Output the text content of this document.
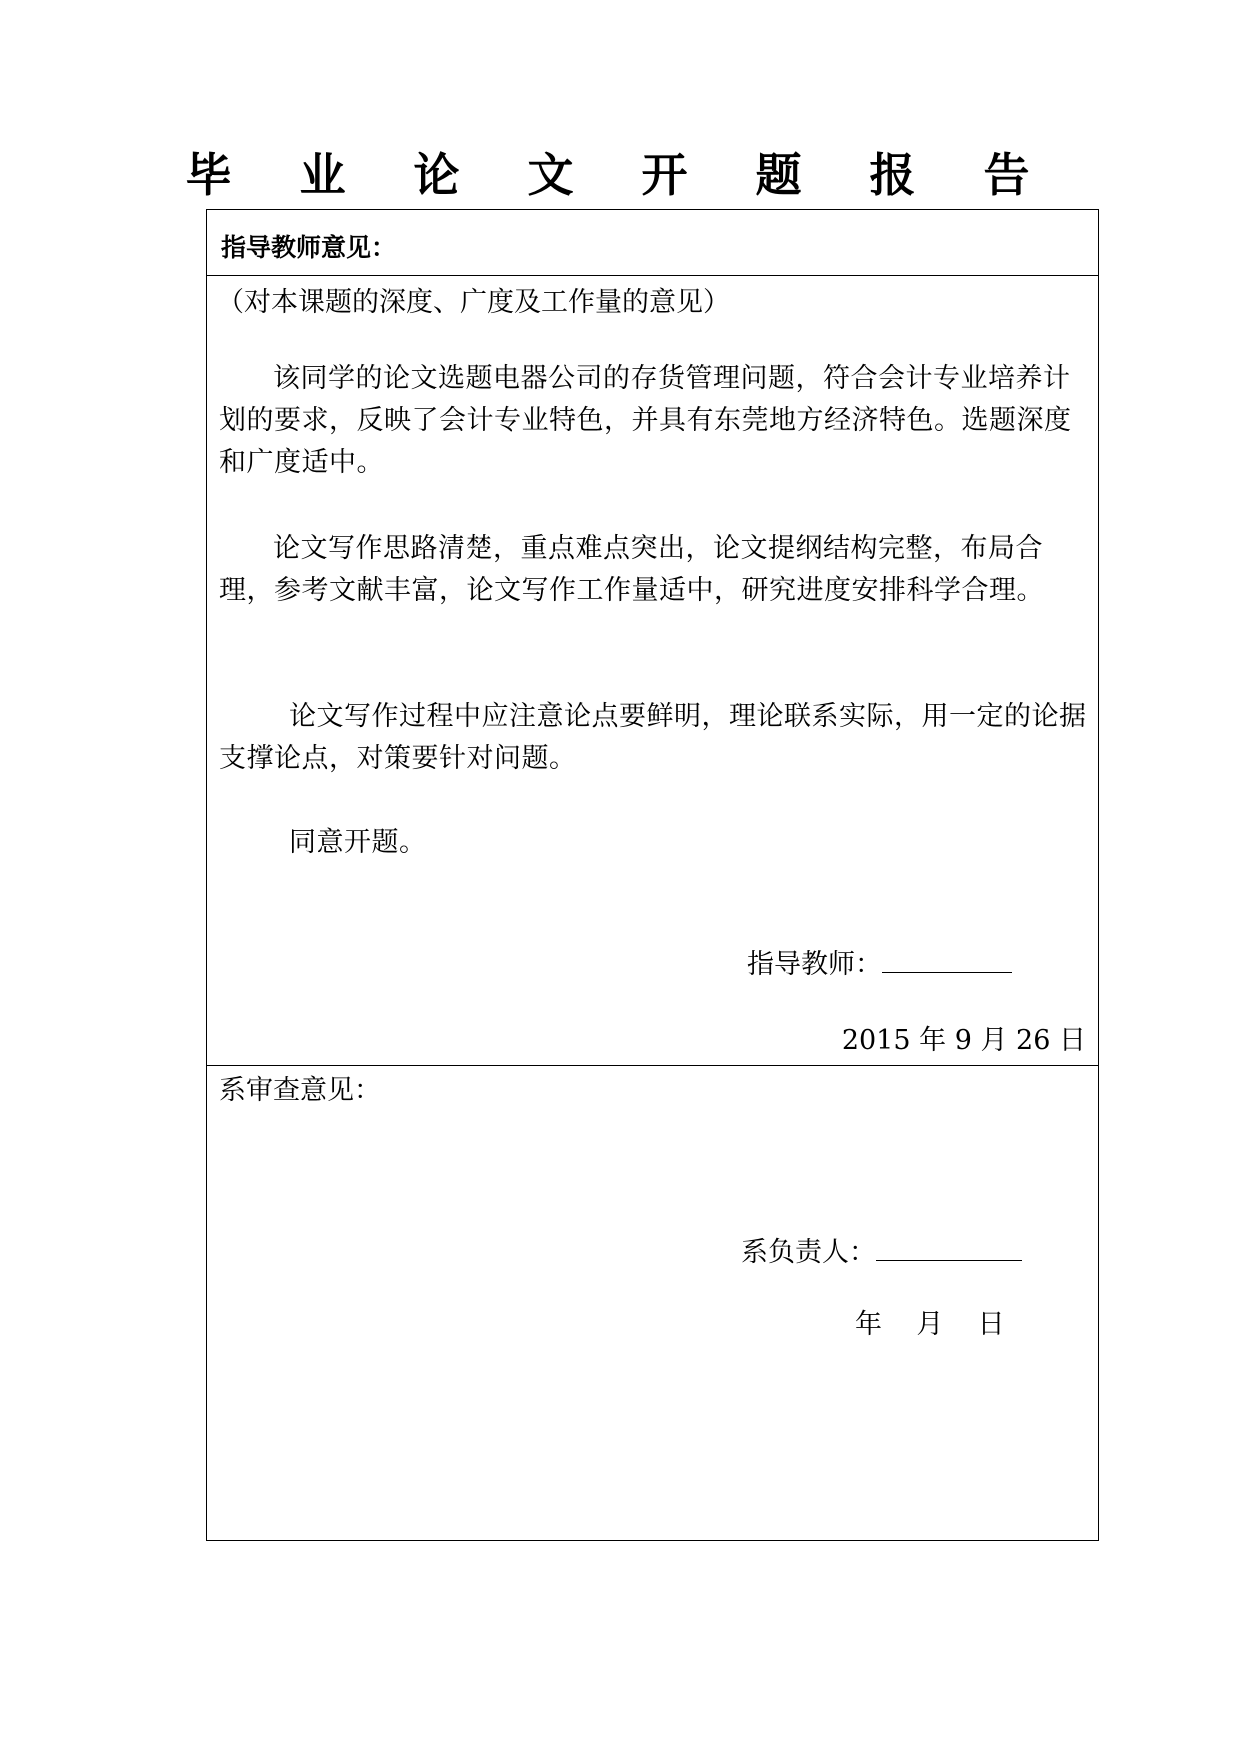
毕 业 论 文 开 题 报 告
指导教师意见：
（对本课题的深度、广度及工作量的意见）
该同学的论文选题电器公司的存货管理问题，符合会计专业培养计划的要求，反映了会计专业特色，并具有东莞地方经济特色。选题深度和广度适中。
论文写作思路清楚，重点难点突出，论文提纲结构完整，布局合理，参考文献丰富，论文写作工作量适中，研究进度安排科学合理。
论文写作过程中应注意论点要鲜明，理论联系实际，用一定的论据支撑论点，对策要针对问题。
同意开题。
指导教师：
2015 年 9 月 26 日
系审查意见：
系负责人：
年    月    日
